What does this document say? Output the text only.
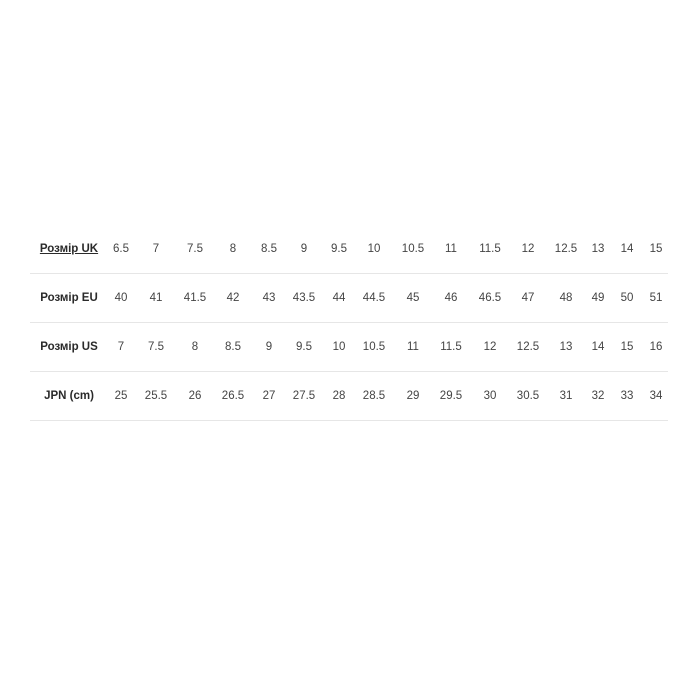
Розмір UK	6.5	7	7.5	8	8.5	9	9.5	10	10.5	11	11.5	12	12.5	13	14	15
Розмір EU	40	41	41.5	42	43	43.5	44	44.5	45	46	46.5	47	48	49	50	51
Розмір US	7	7.5	8	8.5	9	9.5	10	10.5	11	11.5	12	12.5	13	14	15	16
JPN (cm)	25	25.5	26	26.5	27	27.5	28	28.5	29	29.5	30	30.5	31	32	33	34
